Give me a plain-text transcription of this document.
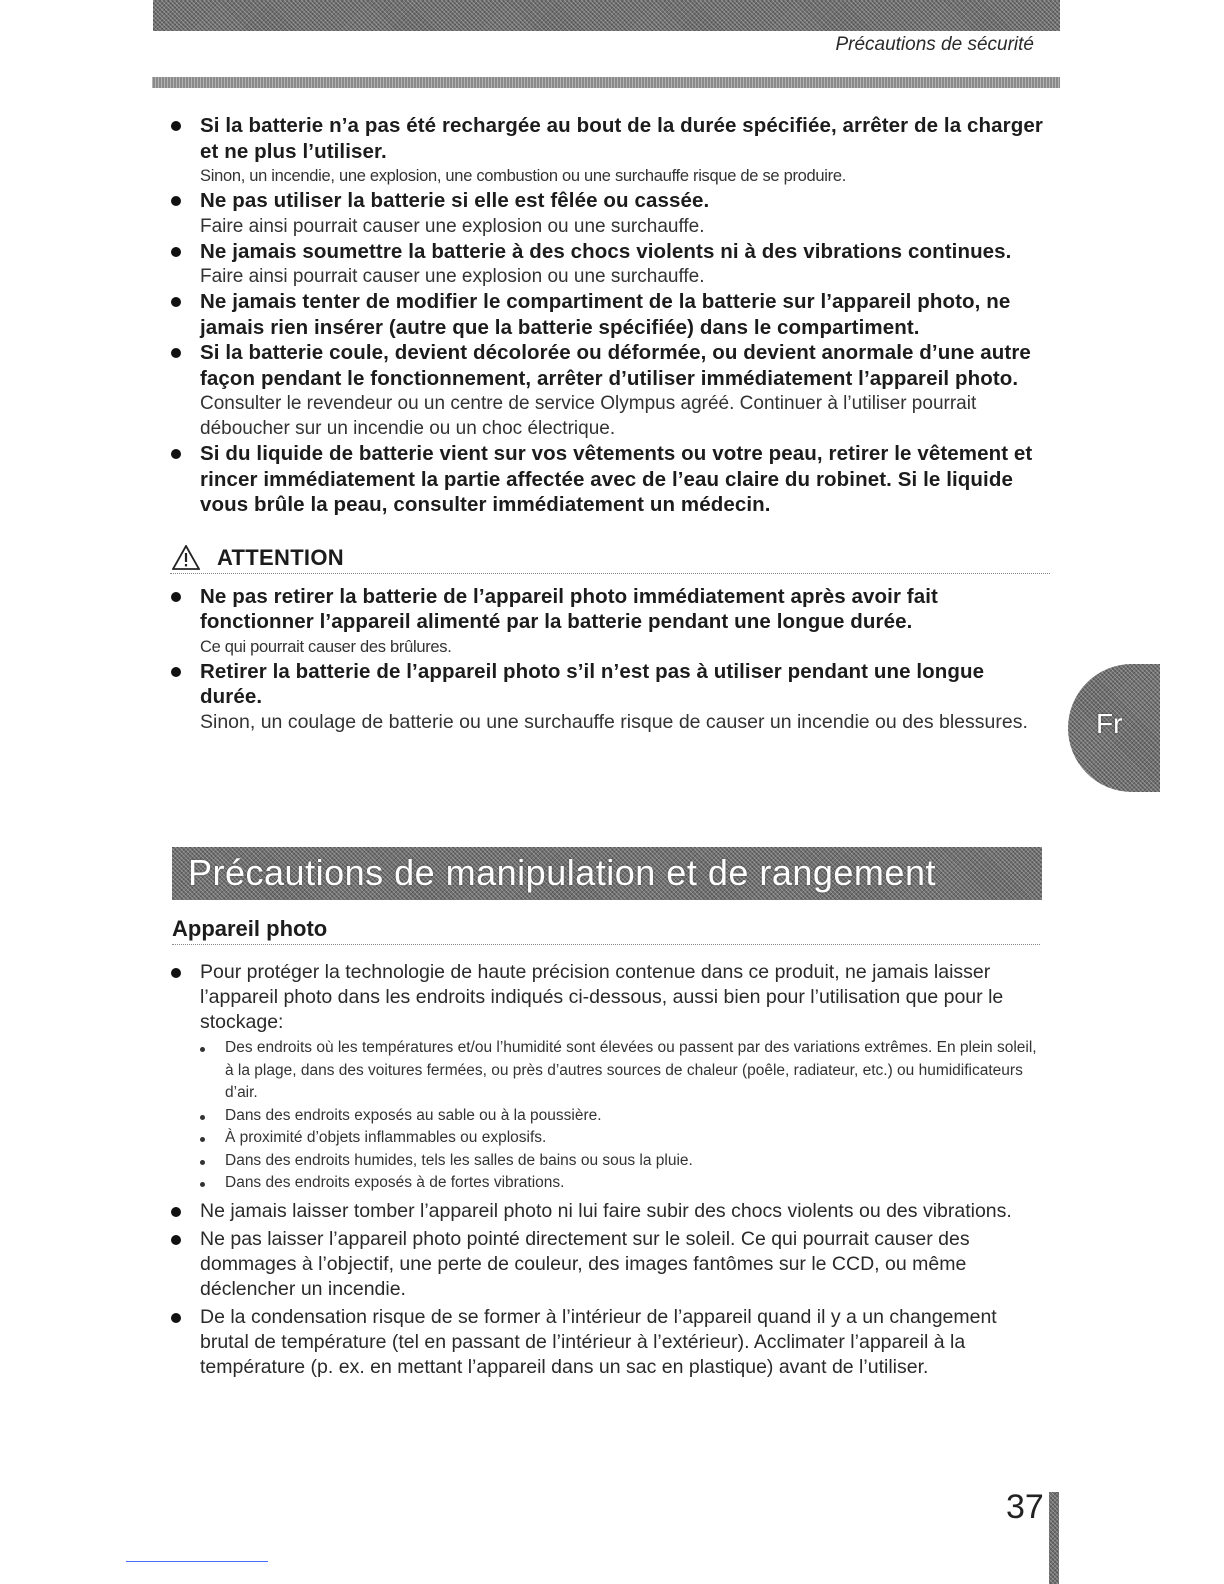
Précautions de sécurité
Si la batterie n’a pas été rechargée au bout de la durée spécifiée, arrêter de la charger et ne plus l’utiliser.
Sinon, un incendie, une explosion, une combustion ou une surchauffe risque de se produire.
Ne pas utiliser la batterie si elle est fêlée ou cassée.
Faire ainsi pourrait causer une explosion ou une surchauffe.
Ne jamais soumettre la batterie à des chocs violents ni à des vibrations continues.
Faire ainsi pourrait causer une explosion ou une surchauffe.
Ne jamais tenter de modifier le compartiment de la batterie sur l’appareil photo, ne jamais rien insérer (autre que la batterie spécifiée) dans le compartiment.
Si la batterie coule, devient décolorée ou déformée, ou devient anormale d’une autre façon pendant le fonctionnement, arrêter d’utiliser immédiatement l’appareil photo.
Consulter le revendeur ou un centre de service Olympus agréé. Continuer à l’utiliser pourrait déboucher sur un incendie ou un choc électrique.
Si du liquide de batterie vient sur vos vêtements ou votre peau, retirer le vêtement et rincer immédiatement la partie affectée avec de l’eau claire du robinet. Si le liquide vous brûle la peau, consulter immédiatement un médecin.
ATTENTION
Ne pas retirer la batterie de l’appareil photo immédiatement après avoir fait fonctionner l’appareil alimenté par la batterie pendant une longue durée.
Ce qui pourrait causer des brûlures.
Retirer la batterie de l’appareil photo s’il n’est pas à utiliser pendant une longue durée.
Sinon, un coulage de batterie ou une surchauffe risque de causer un incendie ou des blessures.	Fr
Précautions de manipulation et de rangement
Appareil photo
Pour protéger la technologie de haute précision contenue dans ce produit, ne jamais laisser l’appareil photo dans les endroits indiqués ci-dessous, aussi bien pour l’utilisation que pour le stockage:
Des endroits où les températures et/ou l’humidité sont élevées ou passent par des variations extrêmes. En plein soleil, à la plage, dans des voitures fermées, ou près d’autres sources de chaleur (poêle, radiateur, etc.) ou humidificateurs d’air.
Dans des endroits exposés au sable ou à la poussière.
À proximité d’objets inflammables ou explosifs.
Dans des endroits humides, tels les salles de bains ou sous la pluie.
Dans des endroits exposés à de fortes vibrations.
Ne jamais laisser tomber l’appareil photo ni lui faire subir des chocs violents ou des vibrations.
Ne pas laisser l’appareil photo pointé directement sur le soleil. Ce qui pourrait causer des dommages à l’objectif, une perte de couleur, des images fantômes sur le CCD, ou même déclencher un incendie.
De la condensation risque de se former à l’intérieur de l’appareil quand il y a un changement brutal de température (tel en passant de l’intérieur à l’extérieur). Acclimater l’appareil à la température (p. ex. en mettant l’appareil dans un sac en plastique) avant de l’utiliser.
37
